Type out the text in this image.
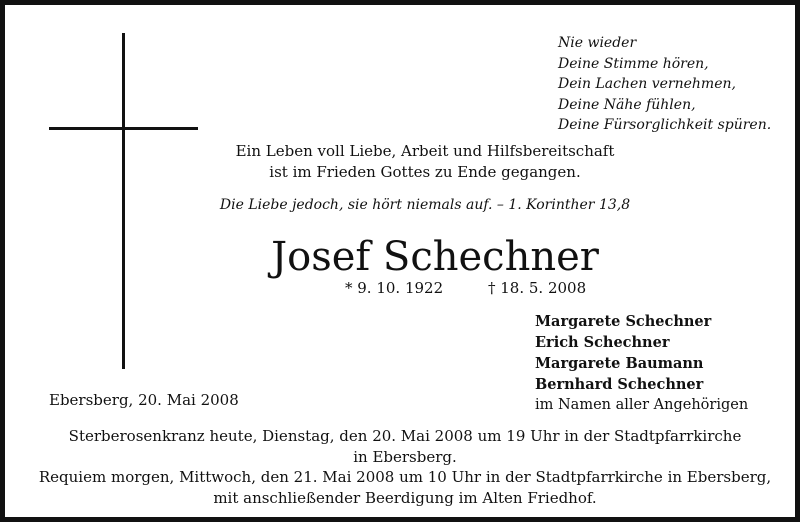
Nie wieder
Deine Stimme hören,
Dein Lachen vernehmen,
Deine Nähe fühlen,
Deine Fürsorglichkeit spüren.
Ein Leben voll Liebe, Arbeit und Hilfsbereitschaft
ist im Frieden Gottes zu Ende gegangen.
Die Liebe jedoch, sie hört niemals auf. – 1. Korinther 13,8
Josef Schechner
* 9. 10. 1922	† 18. 5. 2008
Margarete Schechner
Erich Schechner
Margarete Baumann
Bernhard Schechner
im Namen aller Angehörigen
Ebersberg, 20. Mai 2008
Sterberosenkranz heute, Dienstag, den 20. Mai 2008 um 19 Uhr in der Stadtpfarrkirche
in Ebersberg.
Requiem morgen, Mittwoch, den 21. Mai 2008 um 10 Uhr in der Stadtpfarrkirche in Ebersberg,
mit anschließender Beerdigung im Alten Friedhof.
